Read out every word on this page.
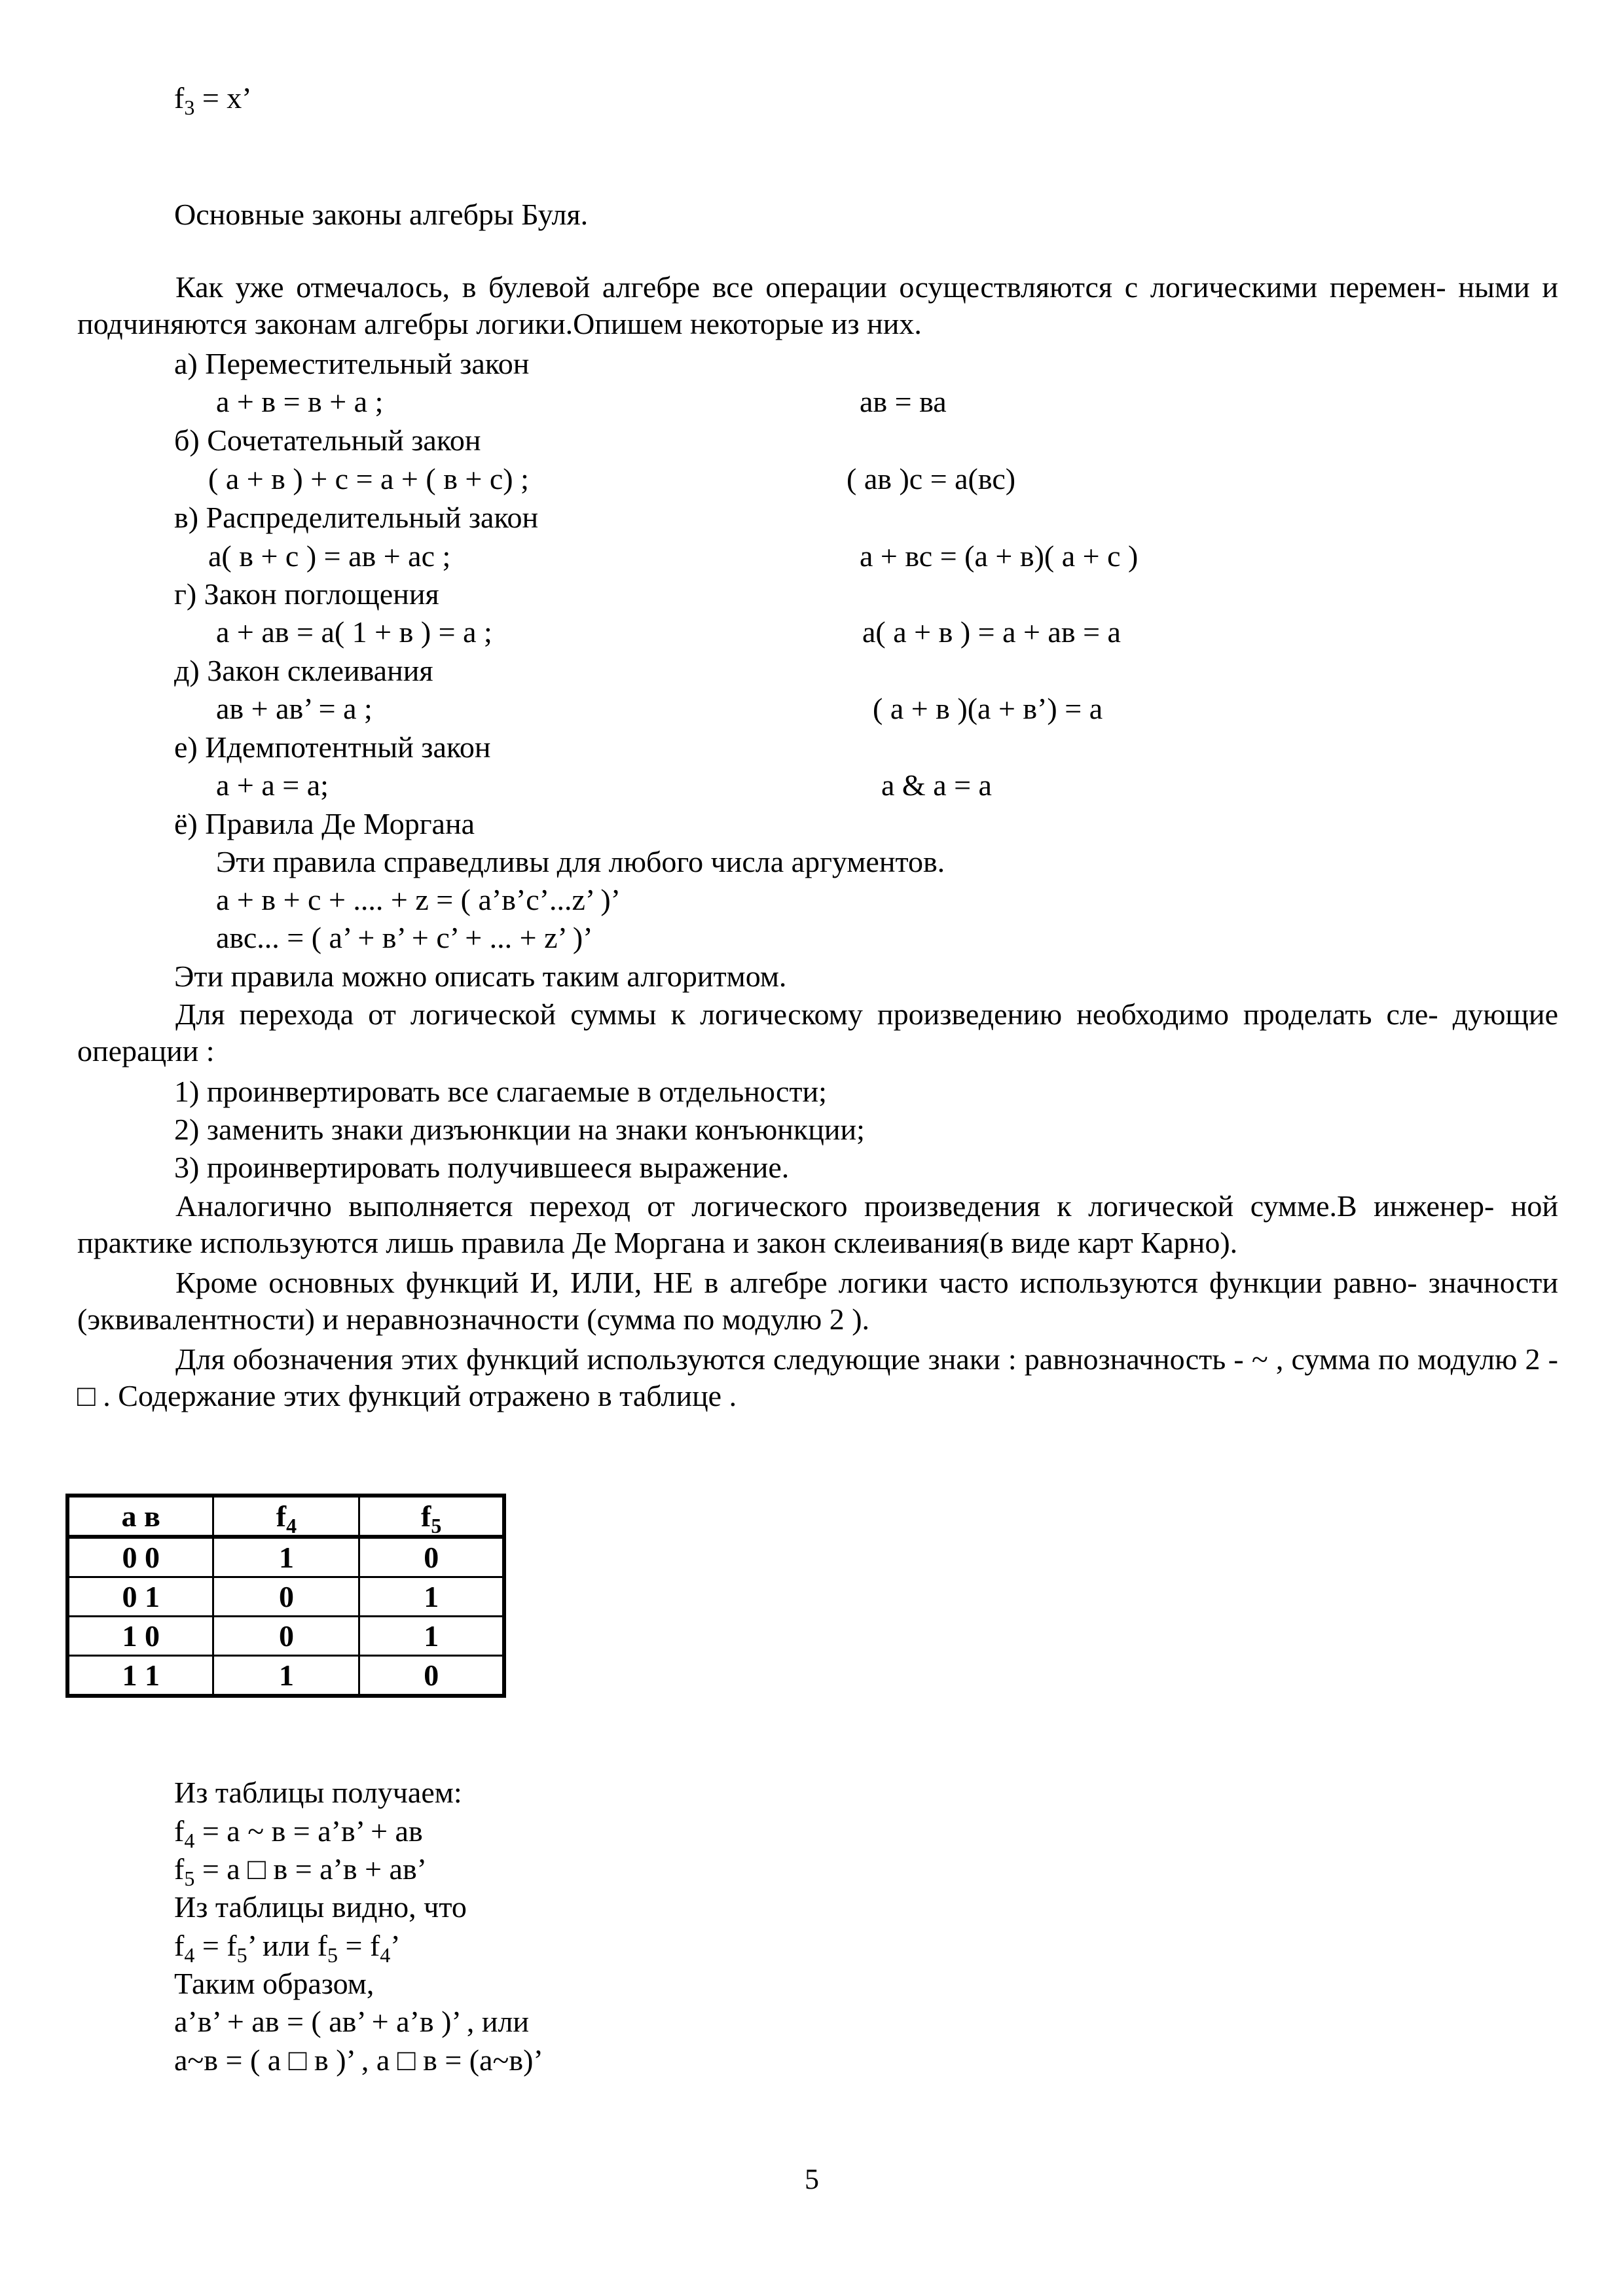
$f_3 = x$’
Основные законы алгебры Буля.
Как уже отмечалось, в булевой алгебре все операции осуществляются с логическими перемен- ными и подчиняются законам алгебры логики.Опишем некоторые из них.
а) Переместительный закон
а + в = в + а ;	ав = ва
б) Сочетательный закон
( а + в ) + с = а + ( в + с) ;	( ав )с = а(вс)
в) Распределительный закон
а( в + с ) = ав + ас ;	а + вс = (а + в)( а + с )
г) Закон поглощения
а + ав = а( 1 + в ) = а ;	а( а + в ) = а + ав = а
д) Закон склеивания
ав + ав’ = а ;	( а + в )(а + в’) = а
е) Идемпотентный закон
а + а = а;	а & а = а
ё) Правила Де Моргана
Эти правила справедливы для любого числа аргументов.
а + в + с + .... + z = ( а’в’с’...z’ )’
авс... = ( а’ + в’ + с’ + ... + z’ )’
Эти правила можно описать таким алгоритмом.
Для перехода от логической суммы к логическому произведению необходимо проделать сле- дующие операции :
1) проинвертировать все слагаемые в отдельности;
2) заменить знаки дизъюнкции на знаки конъюнкции;
3) проинвертировать получившееся выражение.
Аналогично выполняется переход от логического произведения к логической сумме.В инженер- ной практике используются лишь правила Де Моргана и закон склеивания(в виде карт Карно).
Кроме основных функций И, ИЛИ, НЕ в алгебре логики часто используются функции равно- значности (эквивалентности) и неравнозначности (сумма по модулю 2 ).
Для обозначения этих функций используются следующие знаки : равнозначность - ~ , сумма по модулю 2 - □ . Содержание этих функций отражено в таблице .
а в	$f_4$	$f_5$
0 0	1	0
0 1	0	1
1 0	0	1
1 1	1	0
Из таблицы получаем:
$f_4 = а$ ~ в = а’в’ + ав
$f_5 = а$ □ в = а’в + ав’
Из таблицы видно, что
$f_4 = f_5$’ или $f_5 = f_4$’
Таким образом,
а’в’ + ав = ( ав’ + а’в )’ , или
а~в = ( а □ в )’ , а □ в = (а~в)’
5
